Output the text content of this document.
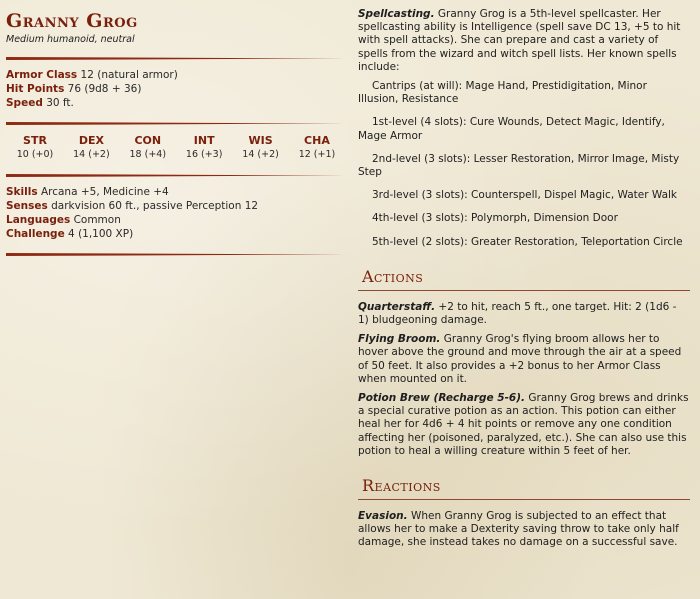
Granny Grog
Medium humanoid, neutral
Armor Class 12 (natural armor)
Hit Points 76 (9d8 + 36)
Speed 30 ft.
STR
10 (+0)
DEX
14 (+2)
CON
18 (+4)
INT
16 (+3)
WIS
14 (+2)
CHA
12 (+1)
Skills Arcana +5, Medicine +4
Senses darkvision 60 ft., passive Perception 12
Languages Common
Challenge 4 (1,100 XP)

Spellcasting. Granny Grog is a 5th-level spellcaster. Her spellcasting ability is Intelligence (spell save DC 13, +5 to hit with spell attacks). She can prepare and cast a variety of spells from the wizard and witch spell lists. Her known spells include:

Cantrips (at will): Mage Hand, Prestidigitation, Minor Illusion, Resistance

1st-level (4 slots): Cure Wounds, Detect Magic, Identify, Mage Armor

2nd-level (3 slots): Lesser Restoration, Mirror Image, Misty Step

3rd-level (3 slots): Counterspell, Dispel Magic, Water Walk

4th-level (3 slots): Polymorph, Dimension Door

5th-level (2 slots): Greater Restoration, Teleportation Circle

Actions

Quarterstaff. +2 to hit, reach 5 ft., one target. Hit: 2 (1d6 - 1) bludgeoning damage.

Flying Broom. Granny Grog's flying broom allows her to hover above the ground and move through the air at a speed of 50 feet. It also provides a +2 bonus to her Armor Class when mounted on it.

Potion Brew (Recharge 5-6). Granny Grog brews and drinks a special curative potion as an action. This potion can either heal her for 4d6 + 4 hit points or remove any one condition affecting her (poisoned, paralyzed, etc.). She can also use this potion to heal a willing creature within 5 feet of her.

Reactions

Evasion. When Granny Grog is subjected to an effect that allows her to make a Dexterity saving throw to take only half damage, she instead takes no damage on a successful save.
